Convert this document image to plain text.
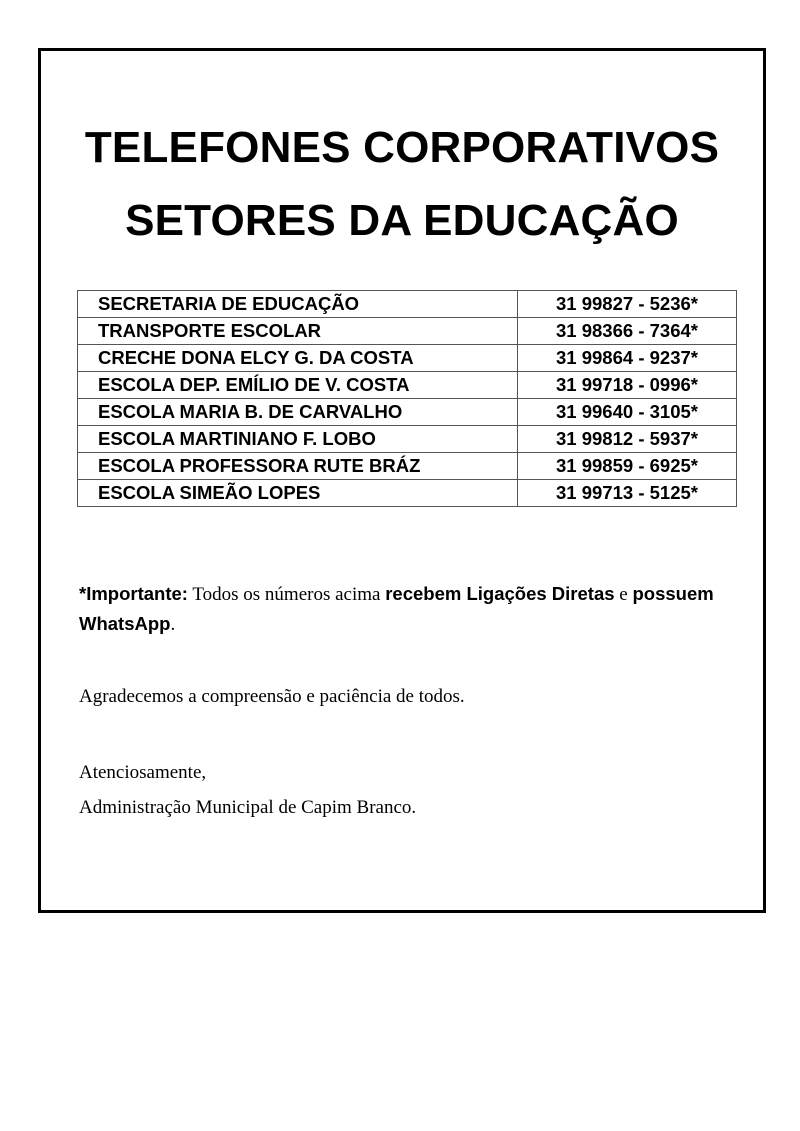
TELEFONES CORPORATIVOS
SETORES DA EDUCAÇÃO
SECRETARIA DE EDUCAÇÃO	31 99827 - 5236*
TRANSPORTE ESCOLAR	31 98366 - 7364*
CRECHE DONA ELCY G. DA COSTA	31 99864 - 9237*
ESCOLA DEP. EMÍLIO DE V. COSTA	31 99718 - 0996*
ESCOLA MARIA B. DE CARVALHO	31 99640 - 3105*
ESCOLA MARTINIANO F. LOBO	31 99812 - 5937*
ESCOLA PROFESSORA RUTE BRÁZ	31 99859 - 6925*
ESCOLA SIMEÃO LOPES	31 99713 - 5125*
*Importante: Todos os números acima recebem Ligações Diretas e possuem WhatsApp.
Agradecemos a compreensão e paciência de todos.
Atenciosamente,
Administração Municipal de Capim Branco.
